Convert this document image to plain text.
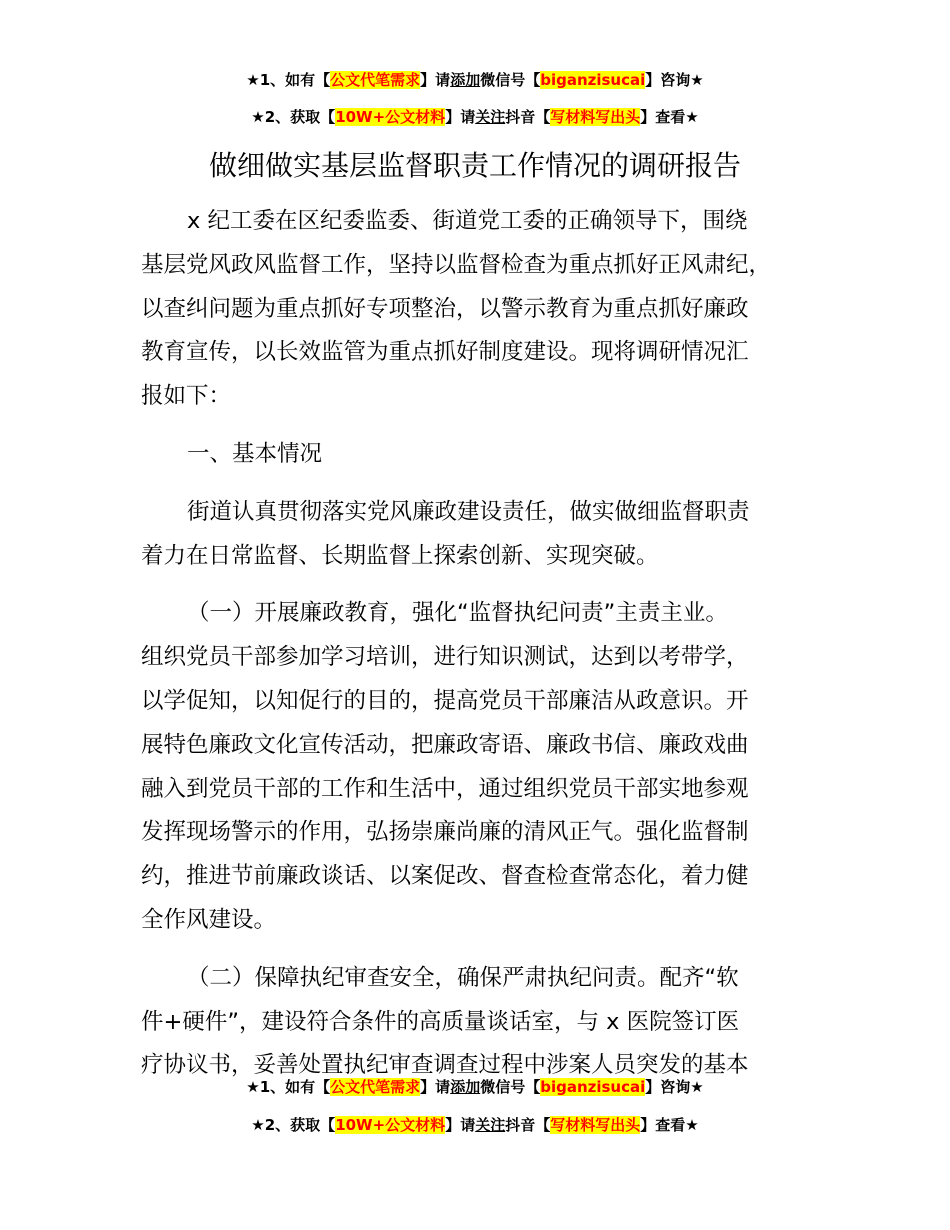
★1、如有【公文代笔需求】请添加微信号【biganzisucai】咨询★
★2、获取【10W+公文材料】请关注抖音【写材料写出头】查看★
做细做实基层监督职责工作情况的调研报告

x 纪工委在区纪委监委、街道党工委的正确领导下，围绕
基层党风政风监督工作，坚持以监督检查为重点抓好正风肃纪，
以查纠问题为重点抓好专项整治，以警示教育为重点抓好廉政
教育宣传，以长效监管为重点抓好制度建设。现将调研情况汇
报如下：

一、基本情况

街道认真贯彻落实党风廉政建设责任，做实做细监督职责
着力在日常监督、长期监督上探索创新、实现突破。

（一）开展廉政教育，强化“监督执纪问责”主责主业。
组织党员干部参加学习培训，进行知识测试，达到以考带学，
以学促知，以知促行的目的，提高党员干部廉洁从政意识。开
展特色廉政文化宣传活动，把廉政寄语、廉政书信、廉政戏曲
融入到党员干部的工作和生活中，通过组织党员干部实地参观
发挥现场警示的作用，弘扬崇廉尚廉的清风正气。强化监督制
约，推进节前廉政谈话、以案促改、督查检查常态化，着力健
全作风建设。

（二）保障执纪审查安全，确保严肃执纪问责。配齐“软
件+硬件”，建设符合条件的高质量谈话室，与 x 医院签订医
疗协议书，妥善处置执纪审查调查过程中涉案人员突发的基本

★1、如有【公文代笔需求】请添加微信号【biganzisucai】咨询★
★2、获取【10W+公文材料】请关注抖音【写材料写出头】查看★
